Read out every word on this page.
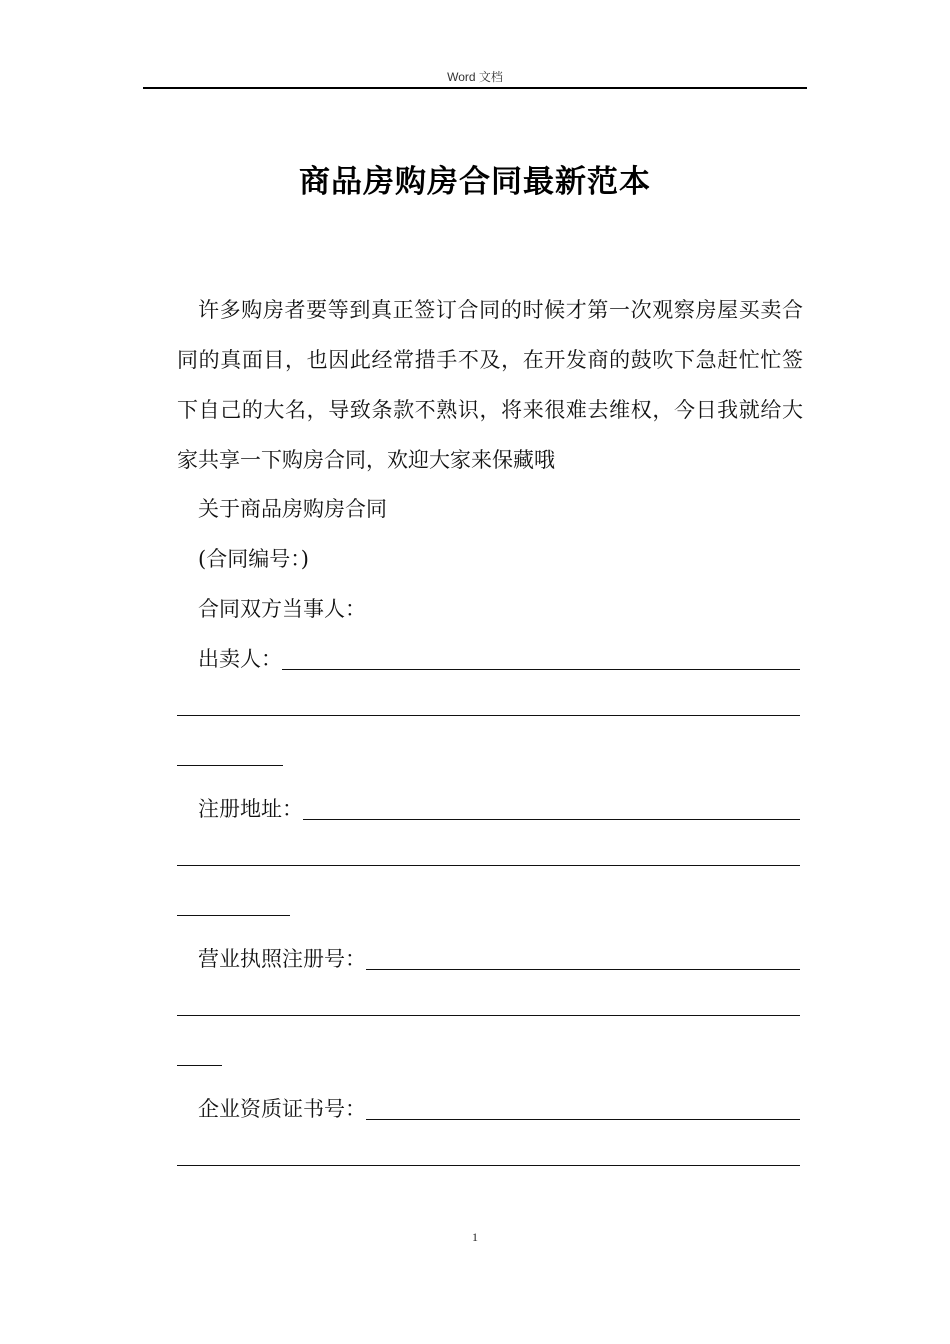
Word 文档
商品房购房合同最新范本
许多购房者要等到真正签订合同的时候才第一次观察房屋买卖合同的真面目，也因此经常措手不及，在开发商的鼓吹下急赶忙忙签下自己的大名，导致条款不熟识，将来很难去维权，今日我就给大家共享一下购房合同，欢迎大家来保藏哦
关于商品房购房合同
(合同编号：)
合同双方当事人：
出卖人：
注册地址：
营业执照注册号：
企业资质证书号：
1
